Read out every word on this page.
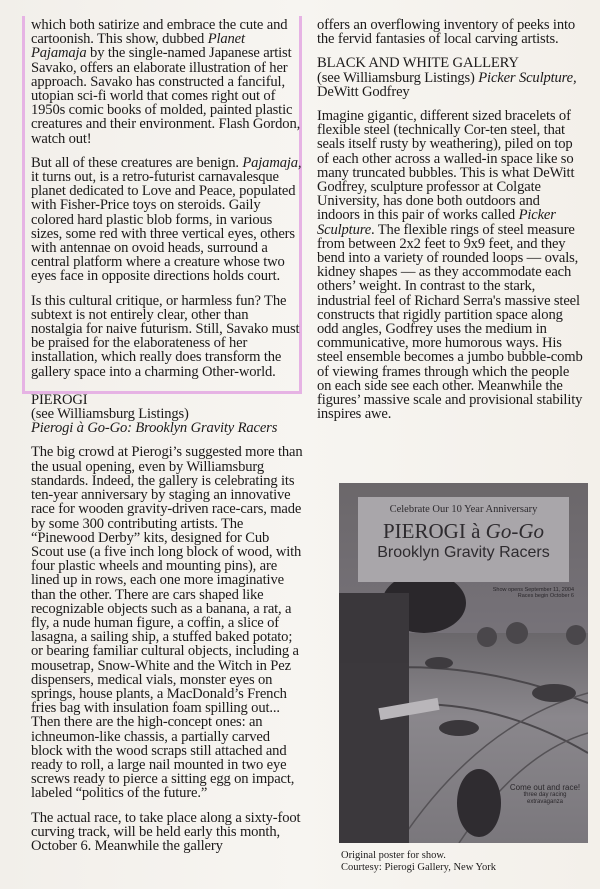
which both satirize and embrace the cute and cartoonish. This show, dubbed Planet Pajamaja by the single-named Japanese artist Savako, offers an elaborate illustration of her approach. Savako has constructed a fanciful, utopian sci-fi world that comes right out of 1950s comic books of molded, painted plastic creatures and their environment. Flash Gordon, watch out!

But all of these creatures are benign. Pajamaja, it turns out, is a retro-futurist carnavalesque planet dedicated to Love and Peace, populated with Fisher-Price toys on steroids. Gaily colored hard plastic blob forms, in various sizes, some red with three vertical eyes, others with antennae on ovoid heads, surround a central platform where a creature whose two eyes face in opposite directions holds court.

Is this cultural critique, or harmless fun? The subtext is not entirely clear, other than nostalgia for naive futurism. Still, Savako must be praised for the elaborateness of her installation, which really does transform the gallery space into a charming Other-world.

PIEROGI
(see Williamsburg Listings)
Pierogi à Go-Go: Brooklyn Gravity Racers

The big crowd at Pierogi’s suggested more than the usual opening, even by Williamsburg standards. Indeed, the gallery is celebrating its ten-year anniversary by staging an innovative race for wooden gravity-driven race-cars, made by some 300 contributing artists. The “Pinewood Derby” kits, designed for Cub Scout use (a five inch long block of wood, with four plastic wheels and mounting pins), are lined up in rows, each one more imaginative than the other. There are cars shaped like recognizable objects such as a banana, a rat, a fly, a nude human figure, a coffin, a slice of lasagna, a sailing ship, a stuffed baked potato; or bearing familiar cultural objects, including a mousetrap, Snow-White and the Witch in Pez dispensers, medical vials, monster eyes on springs, house plants, a MacDonald’s French fries bag with insulation foam spilling out... Then there are the high-concept ones: an ichneumon-like chassis, a partially carved block with the wood scraps still attached and ready to roll, a large nail mounted in two eye screws ready to pierce a sitting egg on impact, labeled “politics of the future.”

The actual race, to take place along a sixty-foot curving track, will be held early this month, October 6. Meanwhile the gallery

offers an overflowing inventory of peeks into the fervid fantasies of local carving artists.

BLACK AND WHITE GALLERY
(see Williamsburg Listings) Picker Sculpture, DeWitt Godfrey

Imagine gigantic, different sized bracelets of flexible steel (technically Cor-ten steel, that seals itself rusty by weathering), piled on top of each other across a walled-in space like so many truncated bubbles. This is what DeWitt Godfrey, sculpture professor at Colgate University, has done both outdoors and indoors in this pair of works called Picker Sculpture. The flexible rings of steel measure from between 2x2 feet to 9x9 feet, and they bend into a variety of rounded loops — ovals, kidney shapes — as they accommodate each others’ weight. In contrast to the stark, industrial feel of Richard Serra's massive steel constructs that rigidly partition space along odd angles, Godfrey uses the medium in communicative, more humorous ways. His steel ensemble becomes a jumbo bubble-comb of viewing frames through which the people on each side see each other. Meanwhile the figures’ massive scale and provisional stability inspires awe.

Celebrate Our 10 Year Anniversary
PIEROGI à Go-Go
Brooklyn Gravity Racers
Show opens September 11, 2004
Races begin October 6
Come out and race!
three day racing extravaganza
Original poster for show.
Courtesy: Pierogi Gallery, New York
